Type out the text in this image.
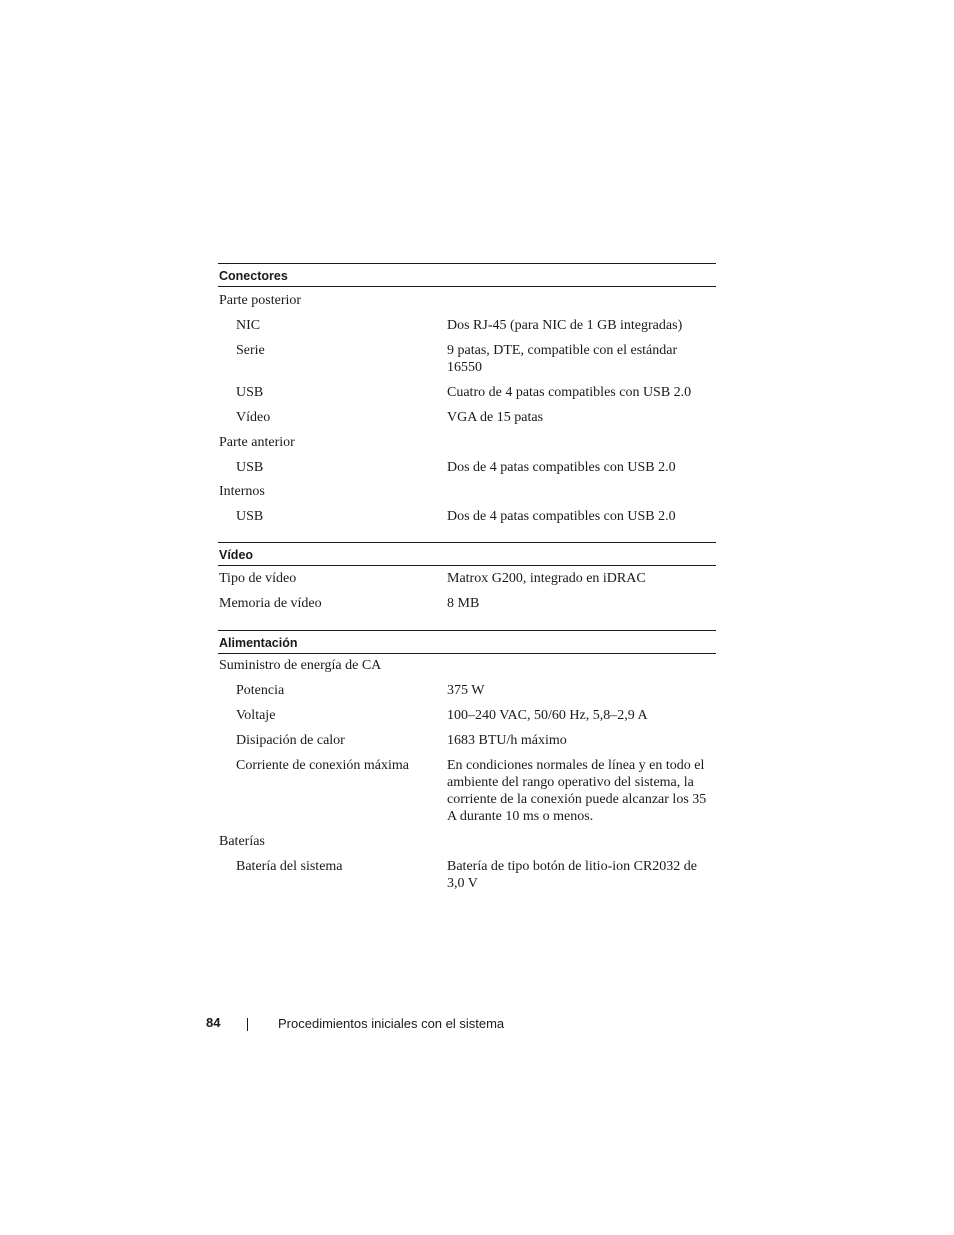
Conectores
Parte posterior
NIC	Dos RJ-45 (para NIC de 1 GB integradas)
Serie	9 patas, DTE, compatible con el estándar 16550
USB	Cuatro de 4 patas compatibles con USB 2.0
Vídeo	VGA de 15 patas
Parte anterior
USB	Dos de 4 patas compatibles con USB 2.0
Internos
USB	Dos de 4 patas compatibles con USB 2.0
Vídeo
Tipo de vídeo	Matrox G200, integrado en iDRAC
Memoria de vídeo	8 MB
Alimentación
Suministro de energía de CA
Potencia	375 W
Voltaje	100–240 VAC, 50/60 Hz, 5,8–2,9 A
Disipación de calor	1683 BTU/h máximo
Corriente de conexión máxima	En condiciones normales de línea y en todo el ambiente del rango operativo del sistema, la corriente de la conexión puede alcanzar los 35 A durante 10 ms o menos.
Baterías
Batería del sistema	Batería de tipo botón de litio-ion CR2032 de 3,0 V
84	Procedimientos iniciales con el sistema
